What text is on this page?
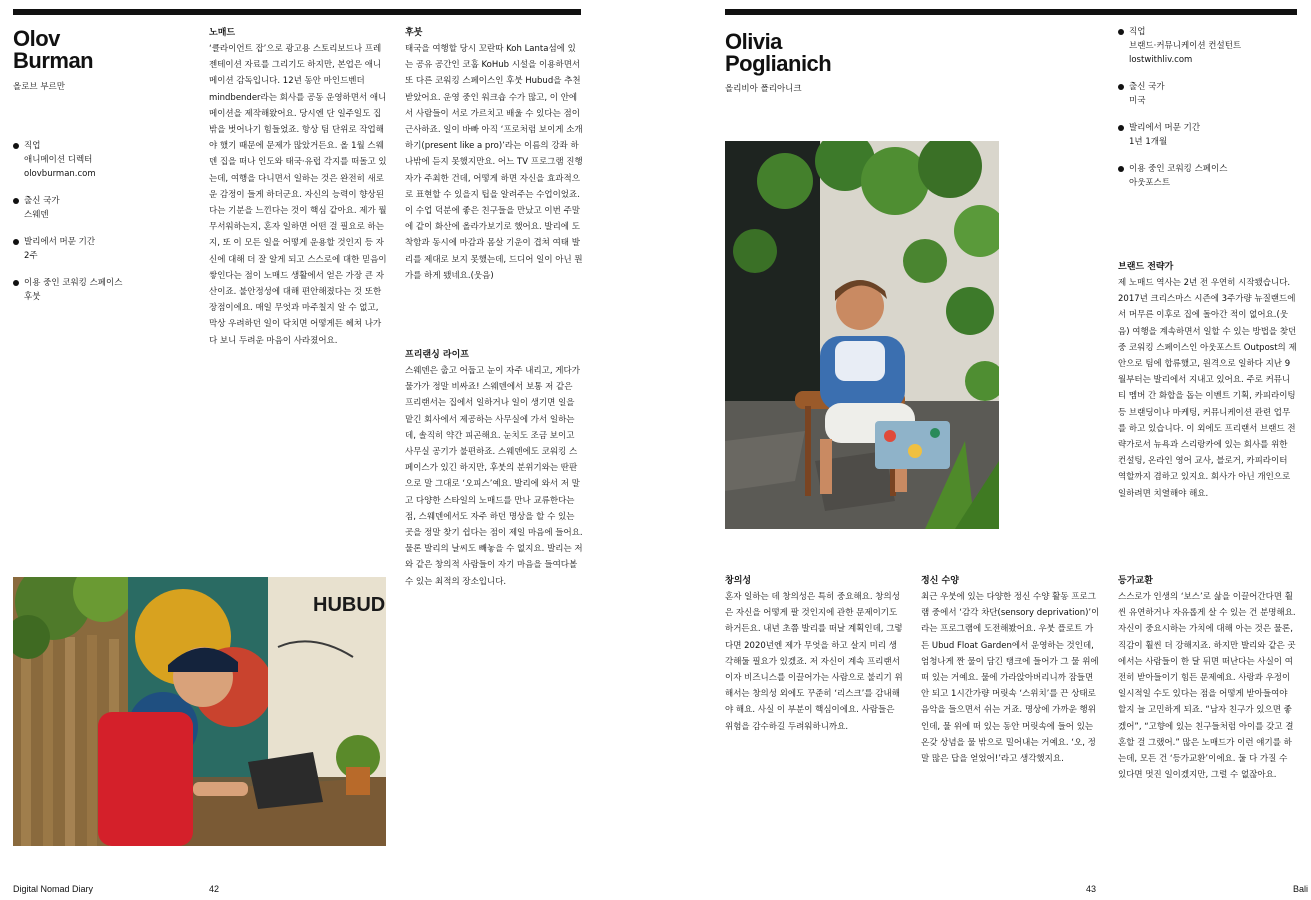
Olov
Burman
올로브 부르만
직업
애니메이션 디렉터
olovburman.com
출신 국가
스웨덴
발리에서 머문 기간
2주
이용 중인 코워킹 스페이스
후붓
노매드

‘클라이언트 잡’으로 광고용 스토리보드나 프레젠테이션 자료를 그리기도 하지만, 본업은 애니메이션 감독입니다. 12년 동안 마인드벤더 mindbender라는 회사를 공동 운영하면서 애니메이션을 제작해왔어요. 당시엔 단 일주일도 집 밖을 벗어나기 힘들었죠. 항상 팀 단위로 작업해야 했기 때문에 문제가 많았거든요. 올 1월 스웨덴 집을 떠나 인도와 태국·유럽 각지를 떠돌고 있는데, 여행을 다니면서 일하는 것은 완전히 새로운 감정이 들게 하더군요. 자신의 능력이 향상된다는 기분을 느낀다는 것이 핵심 같아요. 제가 뭘 무서워하는지, 혼자 일하면 어떤 걸 필요로 하는지, 또 이 모든 일을 어떻게 운용할 것인지 등 자신에 대해 더 잘 알게 되고 스스로에 대한 믿음이 쌓인다는 점이 노매드 생활에서 얻은 가장 큰 자산이죠. 불안정성에 대해 편안해졌다는 것 또한 장점이에요. 매일 무엇과 마주칠지 알 수 없고, 막상 우려하던 일이 닥치면 어떻게든 헤쳐 나가다 보니 두려운 마음이 사라졌어요.

후붓

태국을 여행할 당시 꼬란따 Koh Lanta섬에 있는 공유 공간인 코훕 KoHub 시설을 이용하면서 또 다른 코워킹 스페이스인 후붓 Hubud을 추천받았어요. 운영 중인 워크숍 수가 많고, 이 안에서 사람들이 서로 가르치고 배울 수 있다는 점이 근사하죠. 일이 바빠 아직 ‘프로처럼 보이게 소개하기(present like a pro)’라는 이름의 강좌 하나밖에 듣지 못했지만요. 어느 TV 프로그램 진행자가 주최한 건데, 어떻게 하면 자신을 효과적으로 표현할 수 있을지 팁을 알려주는 수업이었죠. 이 수업 덕분에 좋은 친구들을 만났고 이번 주말에 같이 화산에 올라가보기로 했어요. 발리에 도착함과 동시에 마감과 몸살 기운이 겹쳐 여태 발리를 제대로 보지 못했는데, 드디어 일이 아닌 뭔가를 하게 됐네요.(웃음)

프리랜싱 라이프

스웨덴은 춥고 어둡고 눈이 자주 내리고, 게다가 물가가 정말 비싸죠! 스웨덴에서 보통 저 같은 프리랜서는 집에서 일하거나 일이 생기면 일을 맡긴 회사에서 제공하는 사무실에 가서 일하는데, 솔직히 약간 피곤해요. 눈치도 조금 보이고 사무실 공기가 불편하죠. 스웨덴에도 코워킹 스페이스가 있긴 하지만, 후붓의 분위기와는 딴판으로 말 그대로 ‘오피스’예요. 발리에 와서 저 말고 다양한 스타일의 노매드를 만나 교류한다는 점, 스웨덴에서도 자주 하던 명상을 할 수 있는 곳을 정말 찾기 쉽다는 점이 제일 마음에 들어요. 물론 발리의 날씨도 빼놓을 수 없지요. 발리는 저와 같은 창의적 사람들이 자기 마음을 들여다볼 수 있는 최적의 장소입니다.

HUBUD
Digital Nomad Diary	42
Olivia
Poglianich
올리비아 폴리아니크
직업
브랜드·커뮤니케이션 컨설턴트
lostwithliv.com
출신 국가
미국
발리에서 머문 기간
1년 1개월
이용 중인 코워킹 스페이스
아웃포스트
브랜드 전략가

제 노매드 역사는 2년 전 우연히 시작됐습니다. 2017년 크리스마스 시즌에 3주가량 뉴질랜드에서 머무른 이후로 집에 돌아간 적이 없어요.(웃음) 여행을 계속하면서 일할 수 있는 방법을 찾던 중 코워킹 스페이스인 아웃포스트 Outpost의 제안으로 팀에 합류했고, 원격으로 일하다 지난 9월부터는 발리에서 지내고 있어요. 주로 커뮤니티 멤버 간 화합을 돕는 이벤트 기획, 카피라이팅 등 브랜딩이나 마케팅, 커뮤니케이션 관련 업무를 하고 있습니다. 이 외에도 프리랜서 브랜드 전략가로서 뉴욕과 스리랑카에 있는 회사를 위한 컨설팅, 온라인 영어 교사, 블로거, 카피라이터 역할까지 겸하고 있지요. 회사가 아닌 개인으로 일하려면 치열해야 해요.

창의성

혼자 일하는 데 창의성은 특히 중요해요. 창의성은 자신을 어떻게 팔 것인지에 관한 문제이기도 하거든요. 내년 초쯤 발리를 떠날 계획인데, 그렇다면 2020년엔 제가 무엇을 하고 살지 미리 생각해둘 필요가 있겠죠. 저 자신이 계속 프리랜서이자 비즈니스를 이끌어가는 사람으로 불리기 위해서는 창의성 외에도 꾸준히 ‘리스크’를 감내해야 해요. 사실 이 부분이 핵심이에요. 사람들은 위험을 감수하길 두려워하니까요.

정신 수양

최근 우붓에 있는 다양한 정신 수양 활동 프로그램 중에서 ‘감각 차단(sensory deprivation)’이라는 프로그램에 도전해봤어요. 우붓 플로트 가든 Ubud Float Garden에서 운영하는 것인데, 엄청나게 짠 물이 담긴 탱크에 들어가 그 물 위에 떠 있는 거예요. 물에 가라앉아버리니까 잠들면 안 되고 1시간가량 머릿속 ‘스위치’를 끈 상태로 음악을 들으면서 쉬는 거죠. 명상에 가까운 행위인데, 물 위에 떠 있는 동안 머릿속에 들어 있는 온갖 상념을 물 밖으로 밀어내는 거예요. ‘오, 정말 많은 답을 얻었어!’라고 생각했지요.

등가교환

스스로가 인생의 ‘보스’로 삶을 이끌어간다면 훨씬 유연하거나 자유롭게 살 수 있는 건 분명해요. 자신이 중요시하는 가치에 대해 아는 것은 물론, 직감이 훨씬 더 강해지죠. 하지만 발리와 같은 곳에서는 사람들이 한 달 뒤면 떠난다는 사실이 여전히 받아들이기 힘든 문제예요. 사랑과 우정이 일시적일 수도 있다는 점을 어떻게 받아들여야 할지 늘 고민하게 되죠. “남자 친구가 있으면 좋겠어”, “고향에 있는 친구들처럼 아이를 갖고 결혼할 걸 그랬어.” 많은 노매드가 이런 얘기를 하는데, 모든 건 ‘등가교환’이에요. 둘 다 가질 수 있다면 멋진 일이겠지만, 그럴 수 없잖아요.

43	Bali
